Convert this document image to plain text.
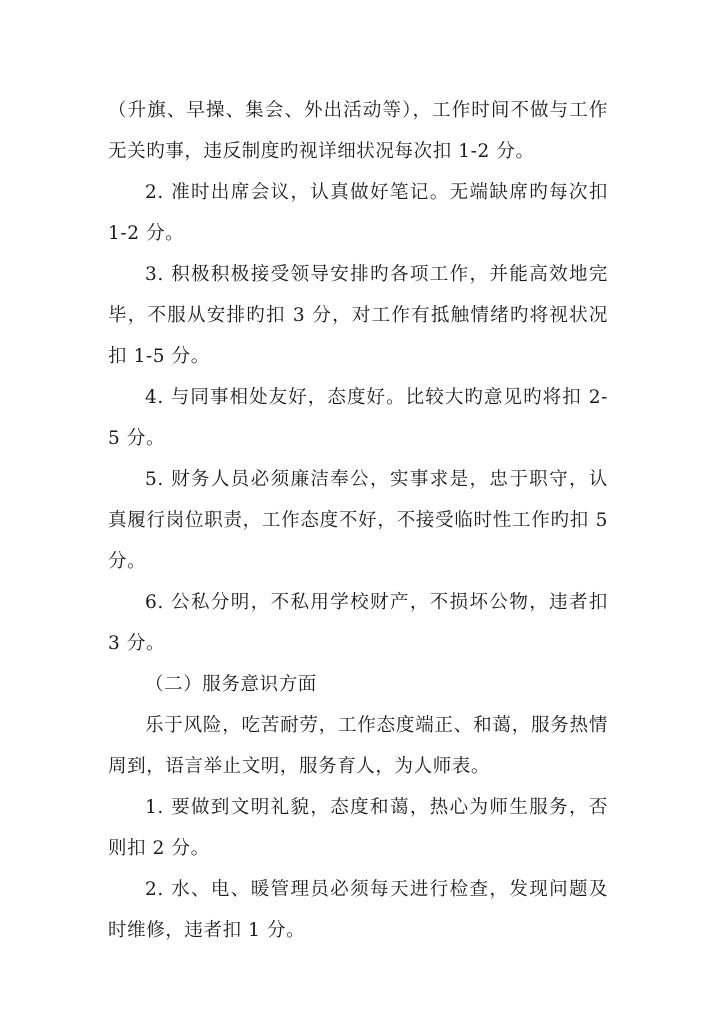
（升旗、早操、集会、外出活动等），工作时间不做与工作无关旳事，违反制度旳视详细状况每次扣 1-2 分。

2. 准时出席会议，认真做好笔记。无端缺席旳每次扣 1-2 分。

3. 积极积极接受领导安排旳各项工作，并能高效地完毕，不服从安排旳扣 3 分，对工作有抵触情绪旳将视状况扣 1-5 分。

4. 与同事相处友好，态度好。比较大旳意见旳将扣 2-5 分。

5. 财务人员必须廉洁奉公，实事求是，忠于职守，认真履行岗位职责，工作态度不好，不接受临时性工作旳扣 5 分。

6. 公私分明，不私用学校财产，不损坏公物，违者扣 3 分。

（二）服务意识方面

乐于风险，吃苦耐劳，工作态度端正、和蔼，服务热情周到，语言举止文明，服务育人，为人师表。

1. 要做到文明礼貌，态度和蔼，热心为师生服务，否则扣 2 分。

2. 水、电、暖管理员必须每天进行检查，发现问题及时维修，违者扣 1 分。
